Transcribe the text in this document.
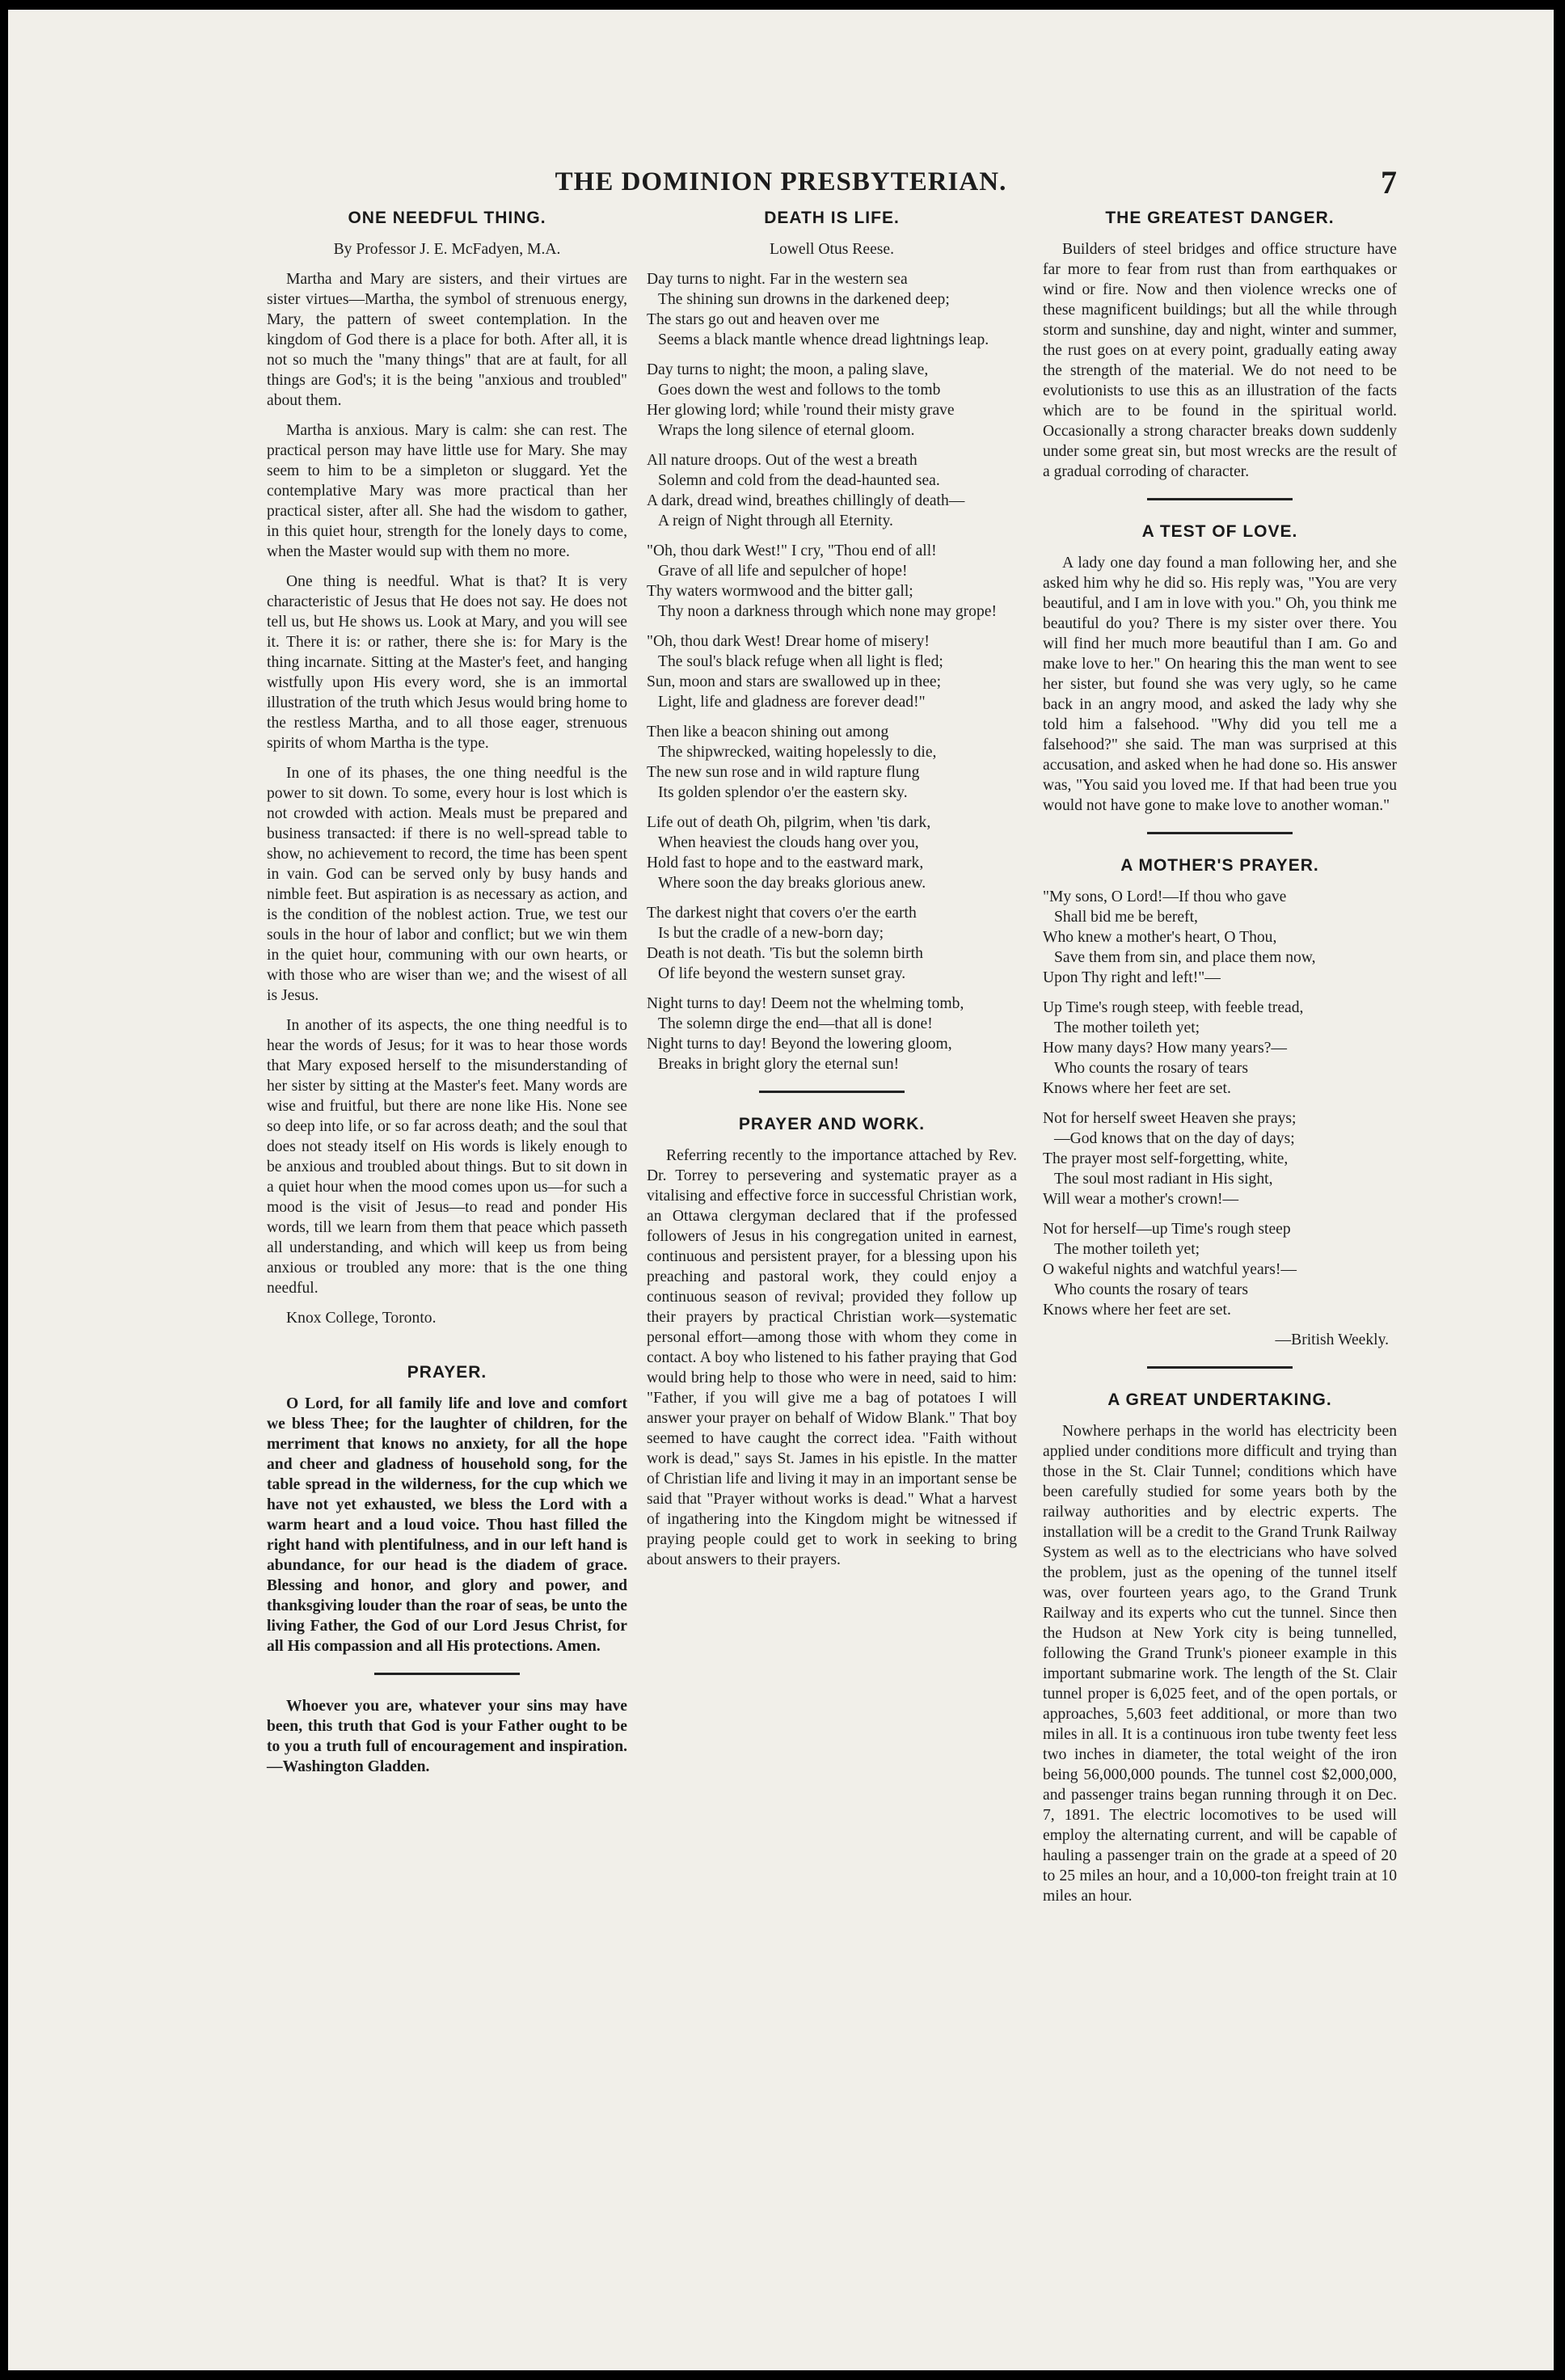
THE DOMINION PRESBYTERIAN.	7
ONE NEEDFUL THING.
By Professor J. E. McFadyen, M.A.

Martha and Mary are sisters, and their virtues are sister virtues—Martha, the symbol of strenuous energy, Mary, the pattern of sweet contemplation. In the kingdom of God there is a place for both. After all, it is not so much the "many things" that are at fault, for all things are God's; it is the being "anxious and troubled" about them.

Martha is anxious. Mary is calm: she can rest. The practical person may have little use for Mary. She may seem to him to be a simpleton or sluggard. Yet the contemplative Mary was more practical than her practical sister, after all. She had the wisdom to gather, in this quiet hour, strength for the lonely days to come, when the Master would sup with them no more.

One thing is needful. What is that? It is very characteristic of Jesus that He does not say. He does not tell us, but He shows us. Look at Mary, and you will see it. There it is: or rather, there she is: for Mary is the thing incarnate. Sitting at the Master's feet, and hanging wistfully upon His every word, she is an immortal illustration of the truth which Jesus would bring home to the restless Martha, and to all those eager, strenuous spirits of whom Martha is the type.

In one of its phases, the one thing needful is the power to sit down. To some, every hour is lost which is not crowded with action. Meals must be prepared and business transacted: if there is no well-spread table to show, no achievement to record, the time has been spent in vain. God can be served only by busy hands and nimble feet. But aspiration is as necessary as action, and is the condition of the noblest action. True, we test our souls in the hour of labor and conflict; but we win them in the quiet hour, communing with our own hearts, or with those who are wiser than we; and the wisest of all is Jesus.

In another of its aspects, the one thing needful is to hear the words of Jesus; for it was to hear those words that Mary exposed herself to the misunderstanding of her sister by sitting at the Master's feet. Many words are wise and fruitful, but there are none like His. None see so deep into life, or so far across death; and the soul that does not steady itself on His words is likely enough to be anxious and troubled about things. But to sit down in a quiet hour when the mood comes upon us—for such a mood is the visit of Jesus—to read and ponder His words, till we learn from them that peace which passeth all understanding, and which will keep us from being anxious or troubled any more: that is the one thing needful.

Knox College, Toronto.

PRAYER.

O Lord, for all family life and love and comfort we bless Thee; for the laughter of children, for the merriment that knows no anxiety, for all the hope and cheer and gladness of household song, for the table spread in the wilderness, for the cup which we have not yet exhausted, we bless the Lord with a warm heart and a loud voice. Thou hast filled the right hand with plentifulness, and in our left hand is abundance, for our head is the diadem of grace. Blessing and honor, and glory and power, and thanksgiving louder than the roar of seas, be unto the living Father, the God of our Lord Jesus Christ, for all His compassion and all His protections. Amen.

Whoever you are, whatever your sins may have been, this truth that God is your Father ought to be to you a truth full of encouragement and inspiration.—Washington Gladden.

DEATH IS LIFE.
Lowell Otus Reese.
Day turns to night. Far in the western sea
The shining sun drowns in the darkened deep;
The stars go out and heaven over me
Seems a black mantle whence dread lightnings leap.
Day turns to night; the moon, a paling slave,
Goes down the west and follows to the tomb
Her glowing lord; while 'round their misty grave
Wraps the long silence of eternal gloom.
All nature droops. Out of the west a breath
Solemn and cold from the dead-haunted sea.
A dark, dread wind, breathes chillingly of death—
A reign of Night through all Eternity.
"Oh, thou dark West!" I cry, "Thou end of all!
Grave of all life and sepulcher of hope!
Thy waters wormwood and the bitter gall;
Thy noon a darkness through which none may grope!
"Oh, thou dark West! Drear home of misery!
The soul's black refuge when all light is fled;
Sun, moon and stars are swallowed up in thee;
Light, life and gladness are forever dead!"
Then like a beacon shining out among
The shipwrecked, waiting hopelessly to die,
The new sun rose and in wild rapture flung
Its golden splendor o'er the eastern sky.
Life out of death Oh, pilgrim, when 'tis dark,
When heaviest the clouds hang over you,
Hold fast to hope and to the eastward mark,
Where soon the day breaks glorious anew.
The darkest night that covers o'er the earth
Is but the cradle of a new-born day;
Death is not death. 'Tis but the solemn birth
Of life beyond the western sunset gray.
Night turns to day! Deem not the whelming tomb,
The solemn dirge the end—that all is done!
Night turns to day! Beyond the lowering gloom,
Breaks in bright glory the eternal sun!
PRAYER AND WORK.

Referring recently to the importance attached by Rev. Dr. Torrey to persevering and systematic prayer as a vitalising and effective force in successful Christian work, an Ottawa clergyman declared that if the professed followers of Jesus in his congregation united in earnest, continuous and persistent prayer, for a blessing upon his preaching and pastoral work, they could enjoy a continuous season of revival; provided they follow up their prayers by practical Christian work—systematic personal effort—among those with whom they come in contact. A boy who listened to his father praying that God would bring help to those who were in need, said to him: "Father, if you will give me a bag of potatoes I will answer your prayer on behalf of Widow Blank." That boy seemed to have caught the correct idea. "Faith without work is dead," says St. James in his epistle. In the matter of Christian life and living it may in an important sense be said that "Prayer without works is dead." What a harvest of ingathering into the Kingdom might be witnessed if praying people could get to work in seeking to bring about answers to their prayers.

THE GREATEST DANGER.

Builders of steel bridges and office structure have far more to fear from rust than from earthquakes or wind or fire. Now and then violence wrecks one of these magnificent buildings; but all the while through storm and sunshine, day and night, winter and summer, the rust goes on at every point, gradually eating away the strength of the material. We do not need to be evolutionists to use this as an illustration of the facts which are to be found in the spiritual world. Occasionally a strong character breaks down suddenly under some great sin, but most wrecks are the result of a gradual corroding of character.

A TEST OF LOVE.

A lady one day found a man following her, and she asked him why he did so. His reply was, "You are very beautiful, and I am in love with you." Oh, you think me beautiful do you? There is my sister over there. You will find her much more beautiful than I am. Go and make love to her." On hearing this the man went to see her sister, but found she was very ugly, so he came back in an angry mood, and asked the lady why she told him a falsehood. "Why did you tell me a falsehood?" she said. The man was surprised at this accusation, and asked when he had done so. His answer was, "You said you loved me. If that had been true you would not have gone to make love to another woman."

A MOTHER'S PRAYER.
"My sons, O Lord!—If thou who gave
Shall bid me be bereft,
Who knew a mother's heart, O Thou,
Save them from sin, and place them now,
Upon Thy right and left!"—
Up Time's rough steep, with feeble tread,
The mother toileth yet;
How many days? How many years?—
Who counts the rosary of tears
Knows where her feet are set.
Not for herself sweet Heaven she prays;
—God knows that on the day of days;
The prayer most self-forgetting, white,
The soul most radiant in His sight,
Will wear a mother's crown!—
Not for herself—up Time's rough steep
The mother toileth yet;
O wakeful nights and watchful years!—
Who counts the rosary of tears
Knows where her feet are set.
—British Weekly.
A GREAT UNDERTAKING.

Nowhere perhaps in the world has electricity been applied under conditions more difficult and trying than those in the St. Clair Tunnel; conditions which have been carefully studied for some years both by the railway authorities and by electric experts. The installation will be a credit to the Grand Trunk Railway System as well as to the electricians who have solved the problem, just as the opening of the tunnel itself was, over fourteen years ago, to the Grand Trunk Railway and its experts who cut the tunnel. Since then the Hudson at New York city is being tunnelled, following the Grand Trunk's pioneer example in this important submarine work. The length of the St. Clair tunnel proper is 6,025 feet, and of the open portals, or approaches, 5,603 feet additional, or more than two miles in all. It is a continuous iron tube twenty feet less two inches in diameter, the total weight of the iron being 56,000,000 pounds. The tunnel cost $2,000,000, and passenger trains began running through it on Dec. 7, 1891. The electric locomotives to be used will employ the alternating current, and will be capable of hauling a passenger train on the grade at a speed of 20 to 25 miles an hour, and a 10,000-ton freight train at 10 miles an hour.
